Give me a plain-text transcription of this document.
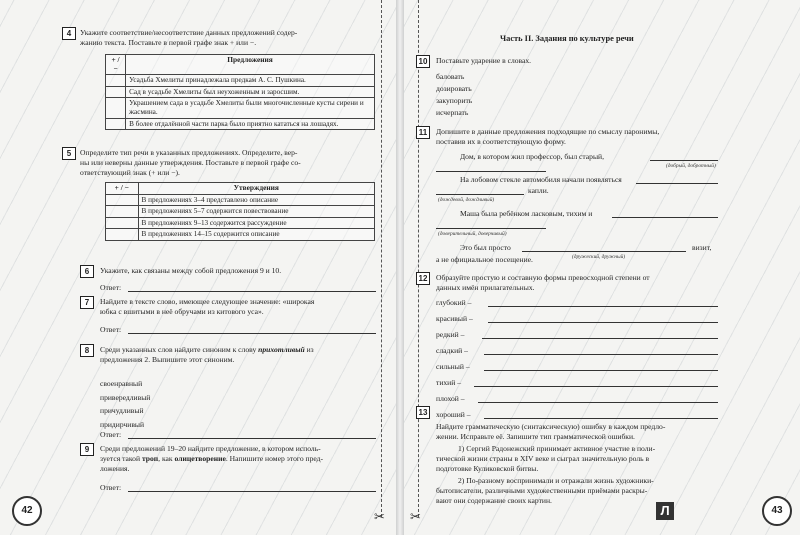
✂
4	Укажите соответствие/несоответствие данных предложений содер-
жанию текста. Поставьте в первой графе знак + или −.
+ / −	Предложения
	Усадьба Хмелиты принадлежала предкам А. С. Пушкина.
	Сад в усадьбе Хмелиты был неухоженным и заросшим.
	Украшением сада в усадьбе Хмелиты были многочисленные кусты сирени и жасмина.
	В более отдалённой части парка было приятно кататься на лошадях.
5	Определите тип речи в указанных предложениях. Определите, вер-
ны или неверны данные утверждения. Поставьте в первой графе со-
ответствующий знак (+ или −).
+ / −	Утверждения
	В предложениях 3–4 представлено описание
	В предложениях 5–7 содержится повествование
	В предложениях 9–13 содержится рассуждение
	В предложениях 14–15 содержится описание
6	Укажите, как связаны между собой предложения 9 и 10.
Ответ:
7	Найдите в тексте слово, имеющее следующее значение: «широкая
юбка с вшитыми в неё обручами из китового уса».
Ответ:
8	Среди указанных слов найдите синоним к слову прихотливый из
предложения 2. Выпишите этот синоним.
своенравный
привередливый
причудливый
придирчивый
Ответ:
9	Среди предложений 19–20 найдите предложение, в котором исполь-
зуется такой троп, как олицетворение. Напишите номер этого пред-
ложения.
Ответ:
42	✂
Часть II. Задания по культуре речи
10	Поставьте ударение в словах.
баловать
дозировать
закупорить
исчерпать
11	Допишите в данные предложения подходящие по смыслу паронимы,
поставив их в соответствующую форму.
Дом, в котором жил профессор, был старый,
(добрый, добротный)
На лобовом стекле автомобиля начали появляться
капли.
(дождевой, дождливый)
Маша была ребёнком ласковым, тихим и
(доверительный, доверчивый)
Это был просто	визит,
(дружеский, дружный)
а не официальное посещение.
12	Образуйте простую и составную формы превосходной степени от
данных имён прилагательных.
глубокий –
красивый –
редкий –
сладкий –
сильный –
тихий –
плохой –
хороший –
13
Найдите грамматическую (синтаксическую) ошибку в каждом предло-
жении. Исправьте её. Запишите тип грамматической ошибки.
1) Сергий Радонежский принимает активное участие в поли-
тической жизни страны в XIV веке и сыграл значительную роль в
подготовке Куликовской битвы.
2) По-разному воспринимали и отражали жизнь художники-
бытописатели, различными художественными приёмами раскры-
вают они содержание своих картин.
43
Л
